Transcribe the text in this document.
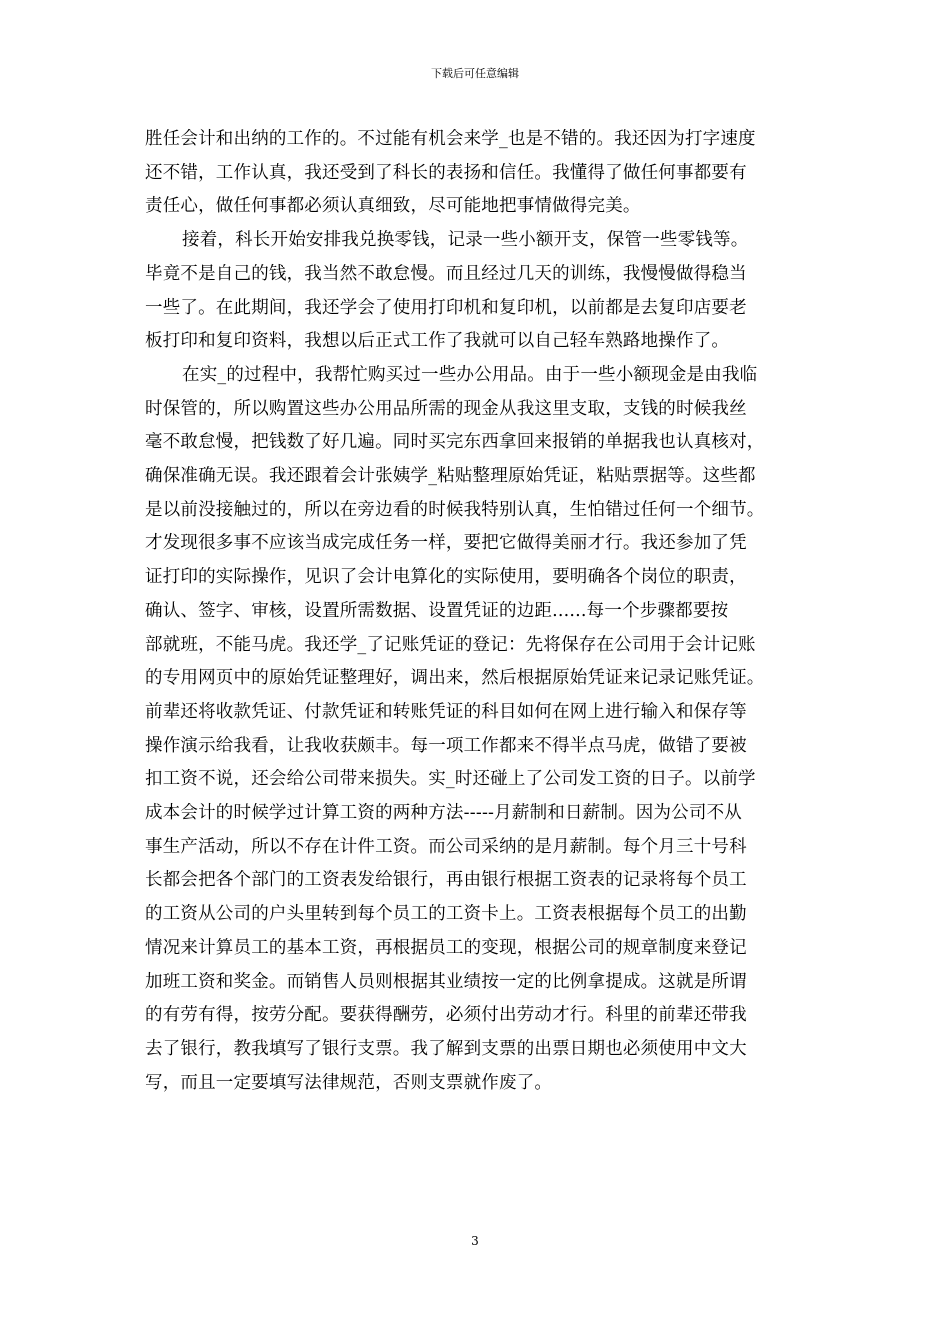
下载后可任意编辑

胜任会计和出纳的工作的。不过能有机会来学_也是不错的。我还因为打字速度
还不错，工作认真，我还受到了科长的表扬和信任。我懂得了做任何事都要有
责任心，做任何事都必须认真细致，尽可能地把事情做得完美。

接着，科长开始安排我兑换零钱，记录一些小额开支，保管一些零钱等。
毕竟不是自己的钱，我当然不敢怠慢。而且经过几天的训练，我慢慢做得稳当
一些了。在此期间，我还学会了使用打印机和复印机，以前都是去复印店要老
板打印和复印资料，我想以后正式工作了我就可以自己轻车熟路地操作了。

在实_的过程中，我帮忙购买过一些办公用品。由于一些小额现金是由我临
时保管的，所以购置这些办公用品所需的现金从我这里支取，支钱的时候我丝
毫不敢怠慢，把钱数了好几遍。同时买完东西拿回来报销的单据我也认真核对，
确保准确无误。我还跟着会计张姨学_粘贴整理原始凭证，粘贴票据等。这些都
是以前没接触过的，所以在旁边看的时候我特别认真，生怕错过任何一个细节。
才发现很多事不应该当成完成任务一样，要把它做得美丽才行。我还参加了凭
证打印的实际操作，见识了会计电算化的实际使用，要明确各个岗位的职责，
确认、签字、审核，设置所需数据、设置凭证的边距......每一个步骤都要按
部就班，不能马虎。我还学_了记账凭证的登记：先将保存在公司用于会计记账
的专用网页中的原始凭证整理好，调出来，然后根据原始凭证来记录记账凭证。
前辈还将收款凭证、付款凭证和转账凭证的科目如何在网上进行输入和保存等
操作演示给我看，让我收获颇丰。每一项工作都来不得半点马虎，做错了要被
扣工资不说，还会给公司带来损失。实_时还碰上了公司发工资的日子。以前学
成本会计的时候学过计算工资的两种方法-----月薪制和日薪制。因为公司不从
事生产活动，所以不存在计件工资。而公司采纳的是月薪制。每个月三十号科
长都会把各个部门的工资表发给银行，再由银行根据工资表的记录将每个员工
的工资从公司的户头里转到每个员工的工资卡上。工资表根据每个员工的出勤
情况来计算员工的基本工资，再根据员工的变现，根据公司的规章制度来登记
加班工资和奖金。而销售人员则根据其业绩按一定的比例拿提成。这就是所谓
的有劳有得，按劳分配。要获得酬劳，必须付出劳动才行。科里的前辈还带我
去了银行，教我填写了银行支票。我了解到支票的出票日期也必须使用中文大
写，而且一定要填写法律规范，否则支票就作废了。

3
